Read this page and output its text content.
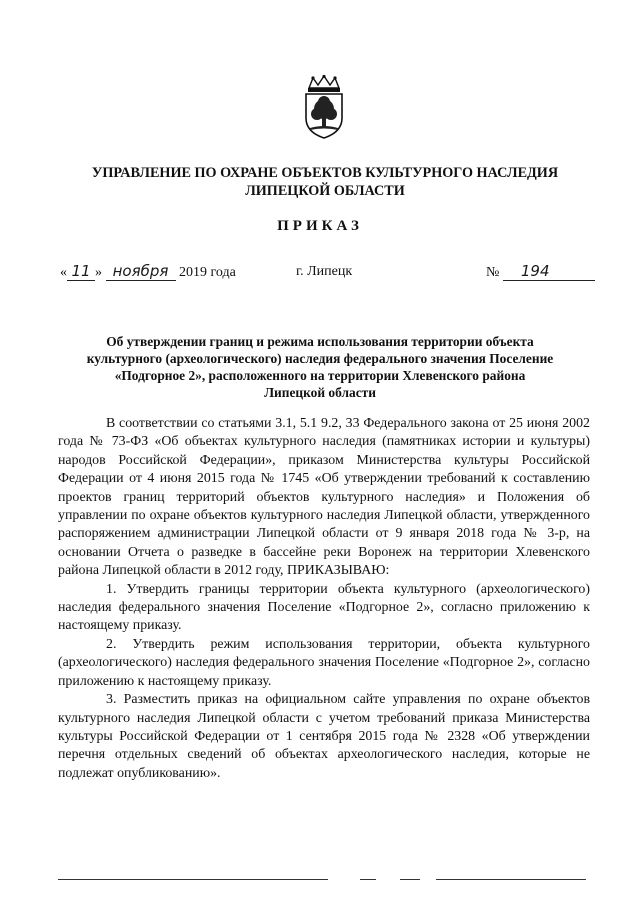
УПРАВЛЕНИЕ ПО ОХРАНЕ ОБЪЕКТОВ КУЛЬТУРНОГО НАСЛЕДИЯ
ЛИПЕЦКОЙ ОБЛАСТИ
ПРИКАЗ
« 11 » ноября 2019 года	г. Липецк	№ 194
Об утверждении границ и режима использования территории объекта
культурного (археологического) наследия федерального значения Поселение
«Подгорное 2», расположенного на территории Хлевенского района
Липецкой области

В соответствии со статьями 3.1, 5.1 9.2, 33 Федерального закона от 25 июня 2002 года № 73-ФЗ «Об объектах культурного наследия (памятниках истории и культуры) народов Российской Федерации», приказом Министерства культуры Российской Федерации от 4 июня 2015 года № 1745 «Об утверждении требований к составлению проектов границ территорий объектов культурного наследия» и Положения об управлении по охране объектов культурного наследия Липецкой области, утвержденного распоряжением администрации Липецкой области от 9 января 2018 года № 3-р, на основании Отчета о разведке в бассейне реки Воронеж на территории Хлевенского района Липецкой области в 2012 году, ПРИКАЗЫВАЮ:

1. Утвердить границы территории объекта культурного (археологического) наследия федерального значения Поселение «Подгорное 2», согласно приложению к настоящему приказу.

2. Утвердить режим использования территории, объекта культурного (археологического) наследия федерального значения Поселение «Подгорное 2», согласно приложению к настоящему приказу.

3. Разместить приказ на официальном сайте управления по охране объектов культурного наследия Липецкой области с учетом требований приказа Министерства культуры Российской Федерации от 1 сентября 2015 года № 2328 «Об утверждении перечня отдельных сведений об объектах археологического наследия, которые не подлежат опубликованию».
